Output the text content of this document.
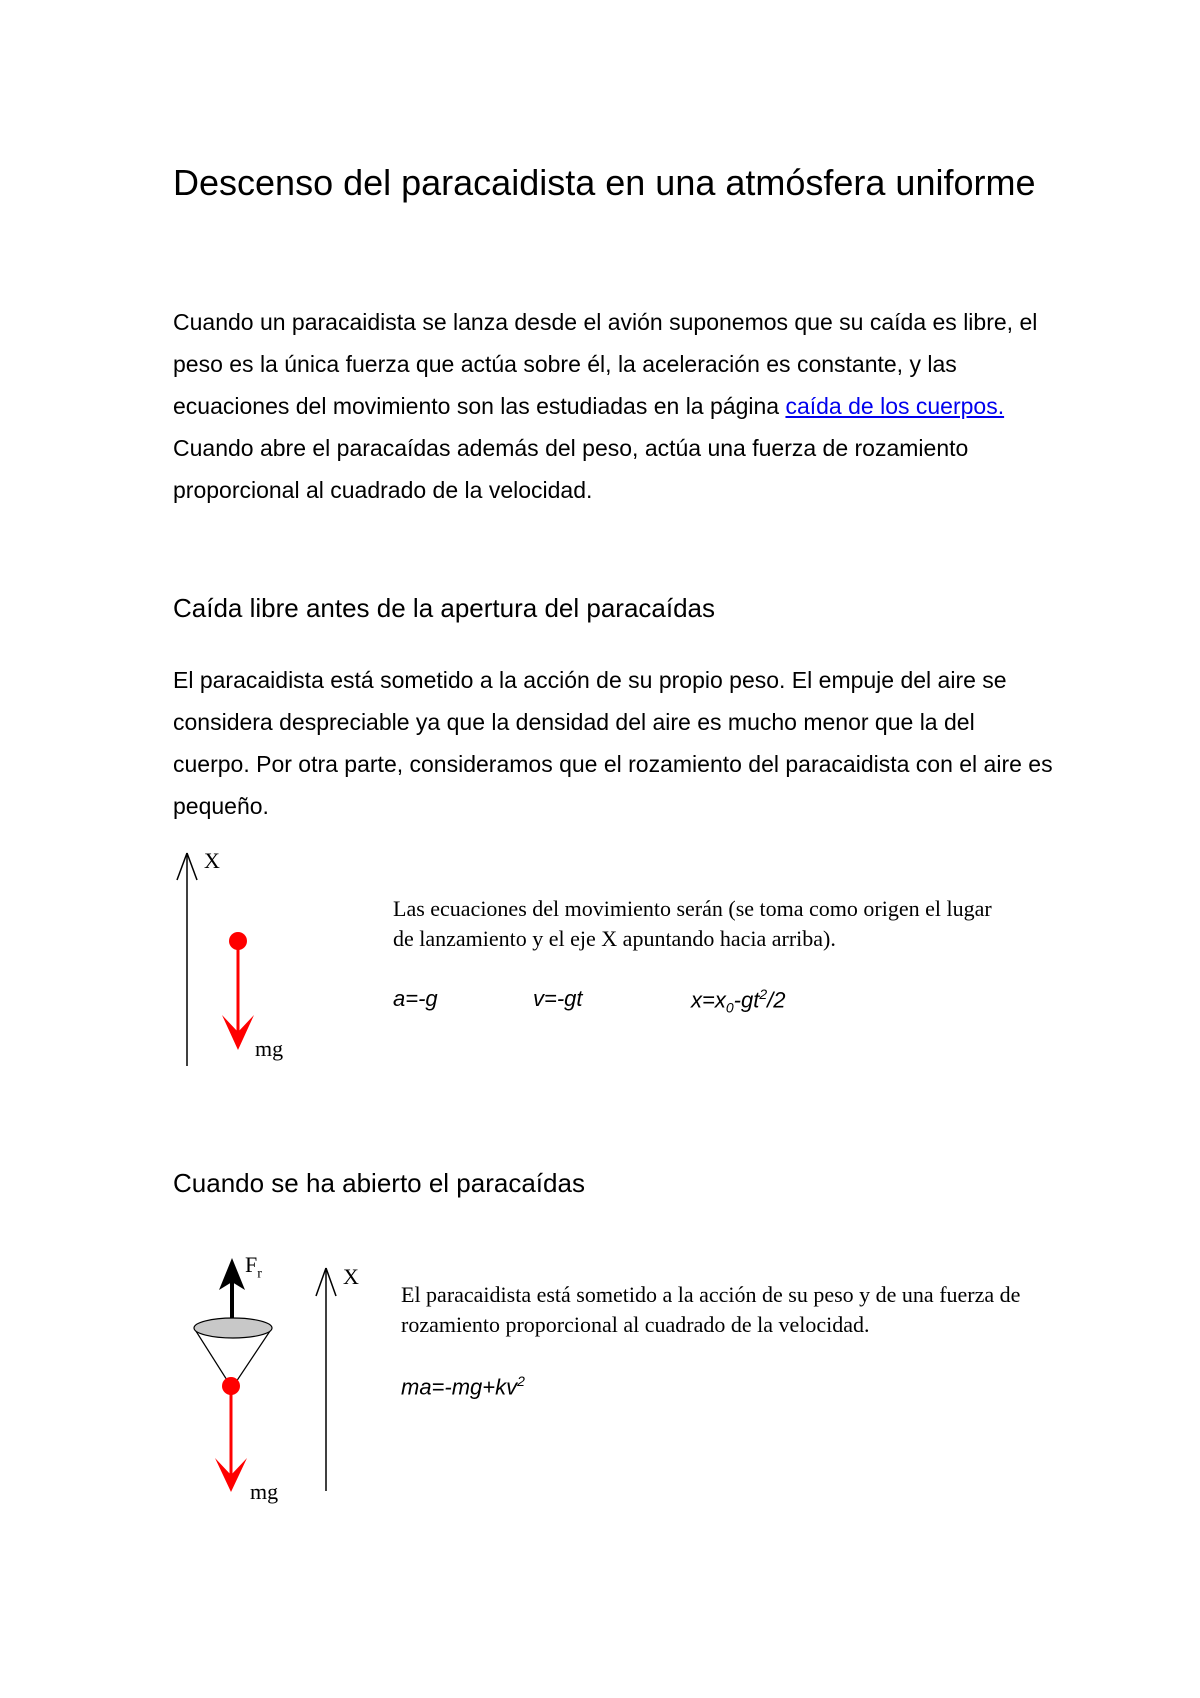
Descenso del paracaidista en una atmósfera uniforme

Cuando un paracaidista se lanza desde el avión suponemos que su caída es libre, el peso es la única fuerza que actúa sobre él, la aceleración es constante, y las ecuaciones del movimiento son las estudiadas en la página caída de los cuerpos.
Cuando abre el paracaídas además del peso, actúa una fuerza de rozamiento proporcional al cuadrado de la velocidad.

Caída libre antes de la apertura del paracaídas

El paracaidista está sometido a la acción de su propio peso. El empuje del aire se considera despreciable ya que la densidad del aire es mucho menor que la del cuerpo. Por otra parte, consideramos que el rozamiento del paracaidista con el aire es pequeño.

X
mg

Las ecuaciones del movimiento serán (se toma como origen el lugar de lanzamiento y el eje X apuntando hacia arriba).

a=-g	v=-gt	$x=x_0-gt^2/2$
Cuando se ha abierto el paracaídas
$F_r$	X
mg

El paracaidista está sometido a la acción de su peso y de una fuerza de rozamiento proporcional al cuadrado de la velocidad.

$ma=-mg+kv^2$
